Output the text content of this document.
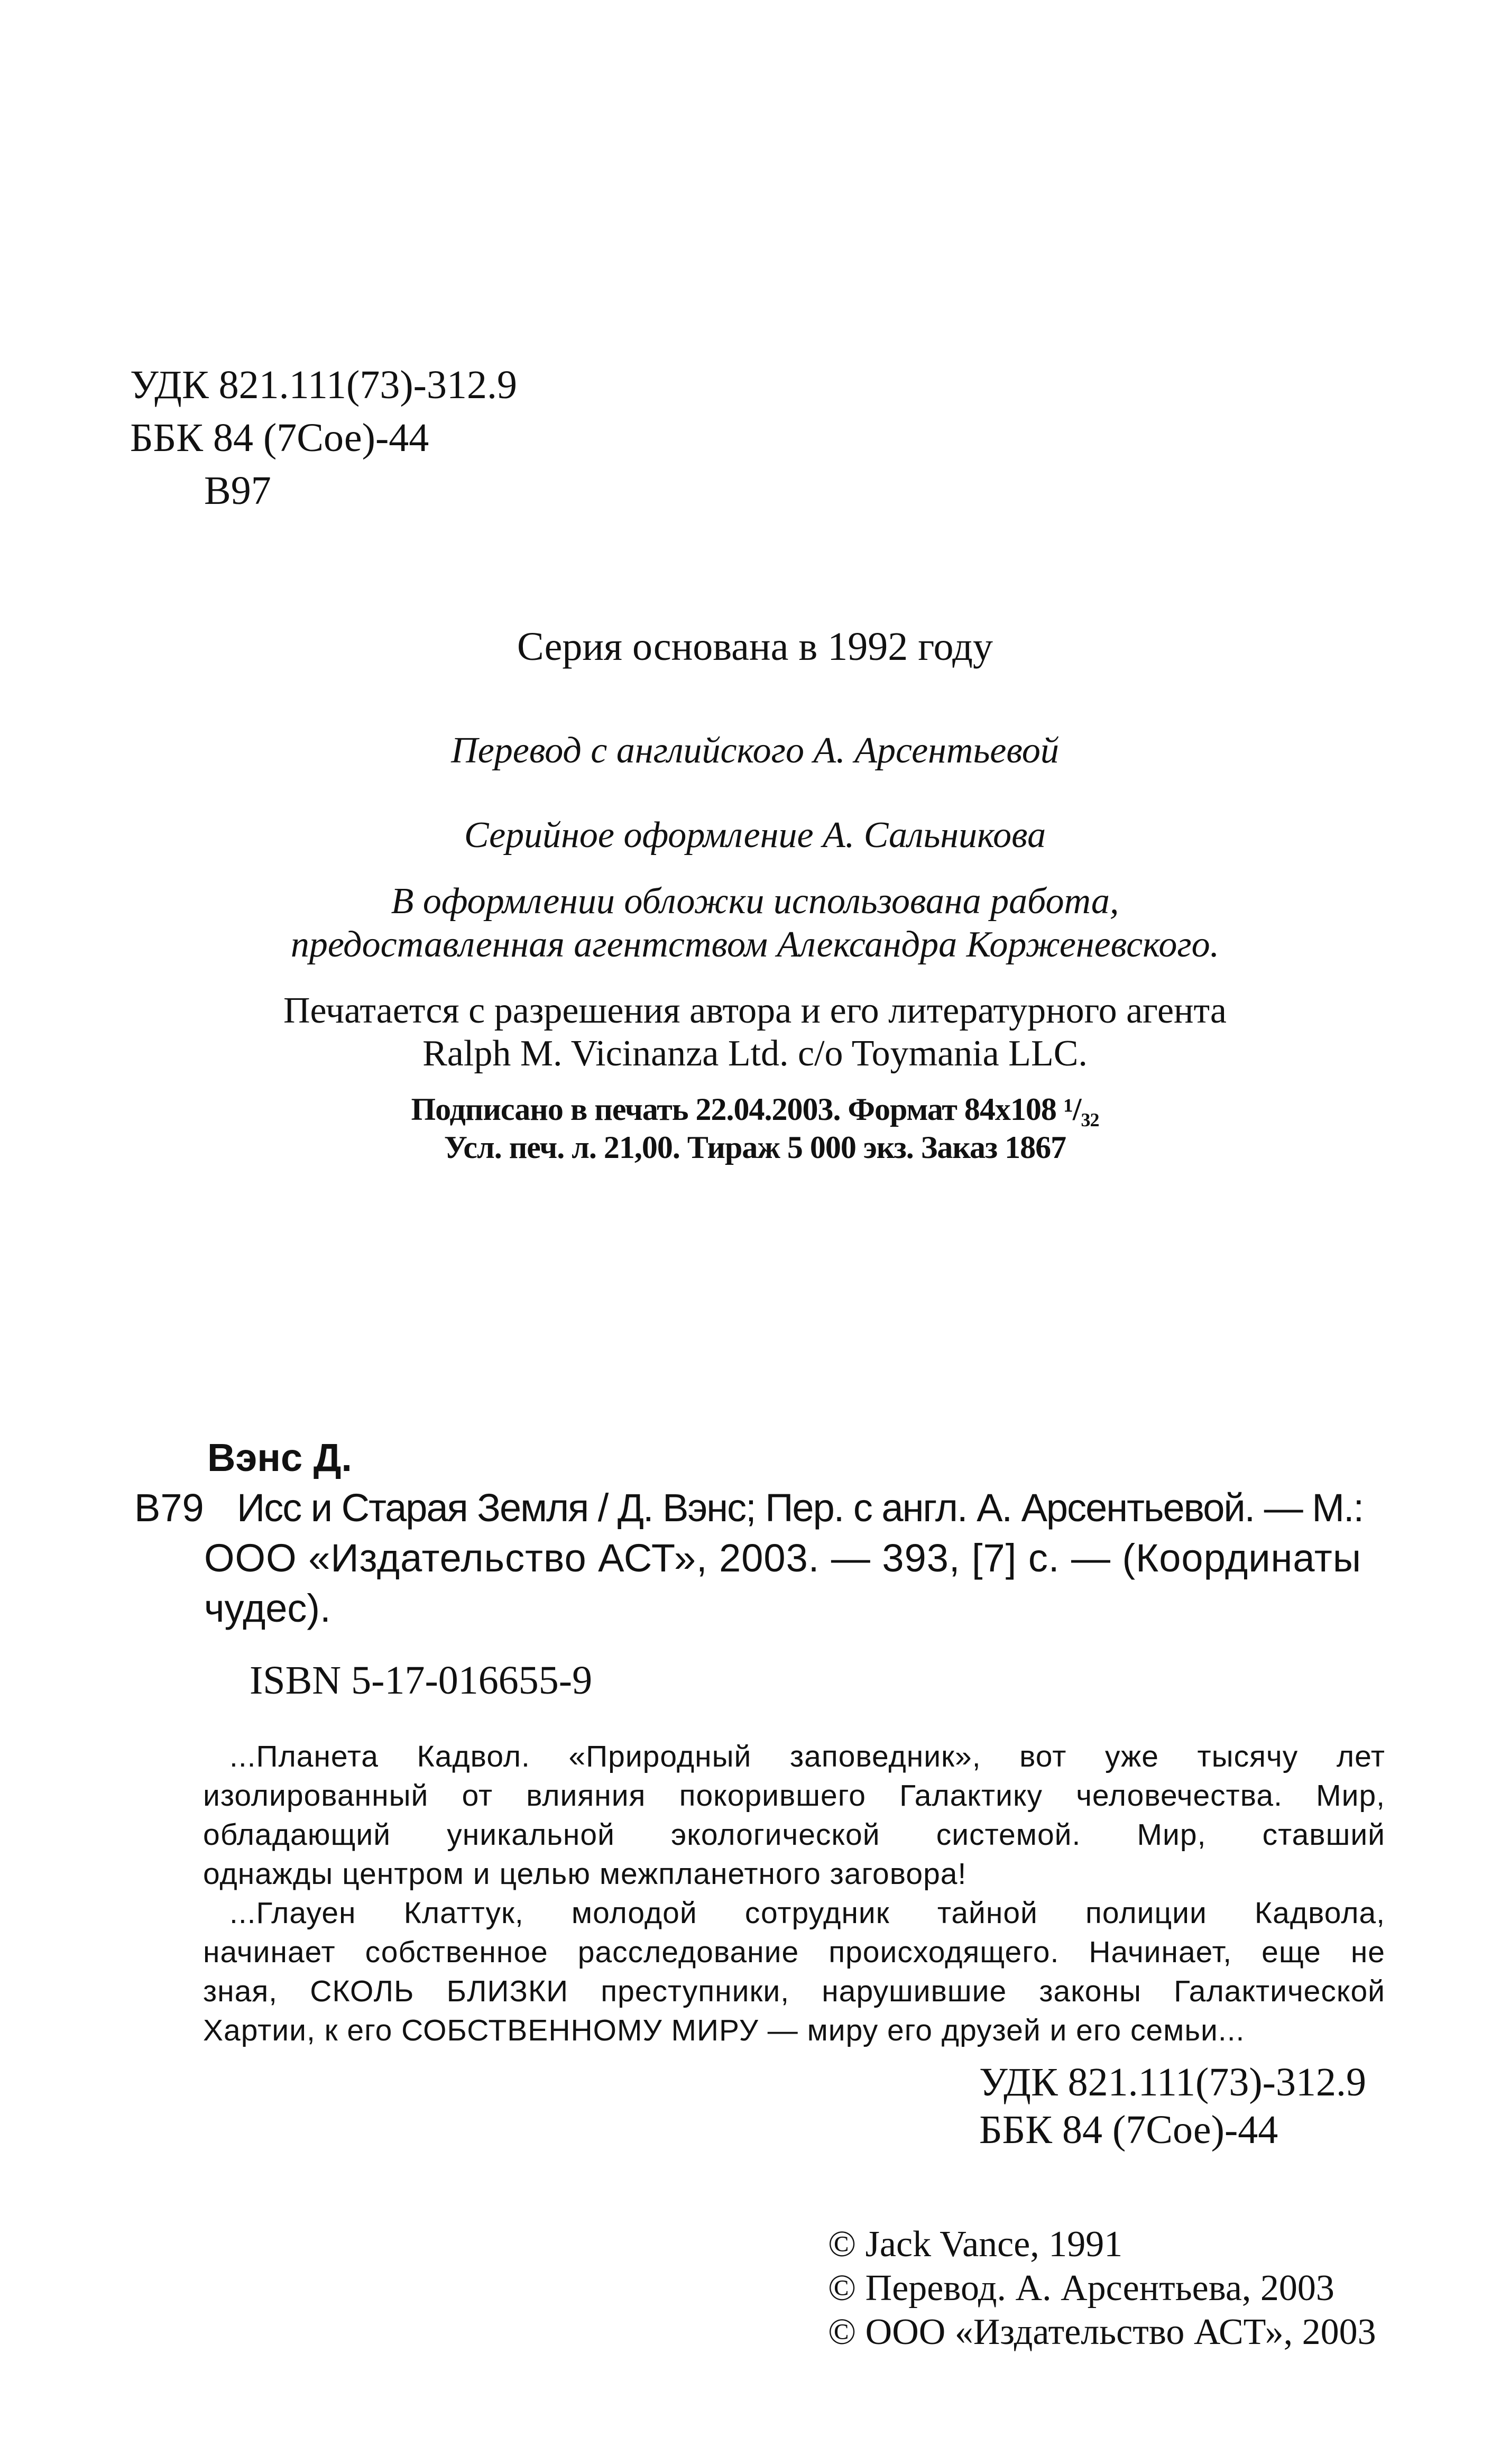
УДК 821.111(73)-312.9
ББК 84 (7Сое)-44
В97
Серия основана в 1992 году
Перевод с английского А. Арсентьевой
Серийное оформление А. Сальникова
В оформлении обложки использована работа,
предоставленная агентством Александра Корженевского.
Печатается с разрешения автора и его литературного агента
Ralph M. Vicinanza Ltd. c/o Toymania LLC.
Подписано в печать 22.04.2003. Формат 84х108 ¹/₃₂
Усл. печ. л. 21,00. Тираж 5 000 экз. Заказ 1867
Вэнс Д.
В79 Исс и Старая Земля / Д. Вэнс; Пер. с англ. А. Арсентьевой. — М.:
ООО «Издательство АСТ», 2003. — 393, [7] с. — (Координаты
чудес).
ISBN 5-17-016655-9
...Планета Кадвол. «Природный заповедник», вот уже тысячу лет
изолированный от влияния покорившего Галактику человечества. Мир,
обладающий уникальной экологической системой. Мир, ставший
однажды центром и целью межпланетного заговора!
...Глауен Клаттук, молодой сотрудник тайной полиции Кадвола,
начинает собственное расследование происходящего. Начинает, еще не
зная, СКОЛЬ БЛИЗКИ преступники, нарушившие законы Галактической
Хартии, к его СОБСТВЕННОМУ МИРУ — миру его друзей и его семьи...
УДК 821.111(73)-312.9
ББК 84 (7Сое)-44
© Jack Vance, 1991
© Перевод. А. Арсентьева, 2003
© ООО «Издательство АСТ», 2003
